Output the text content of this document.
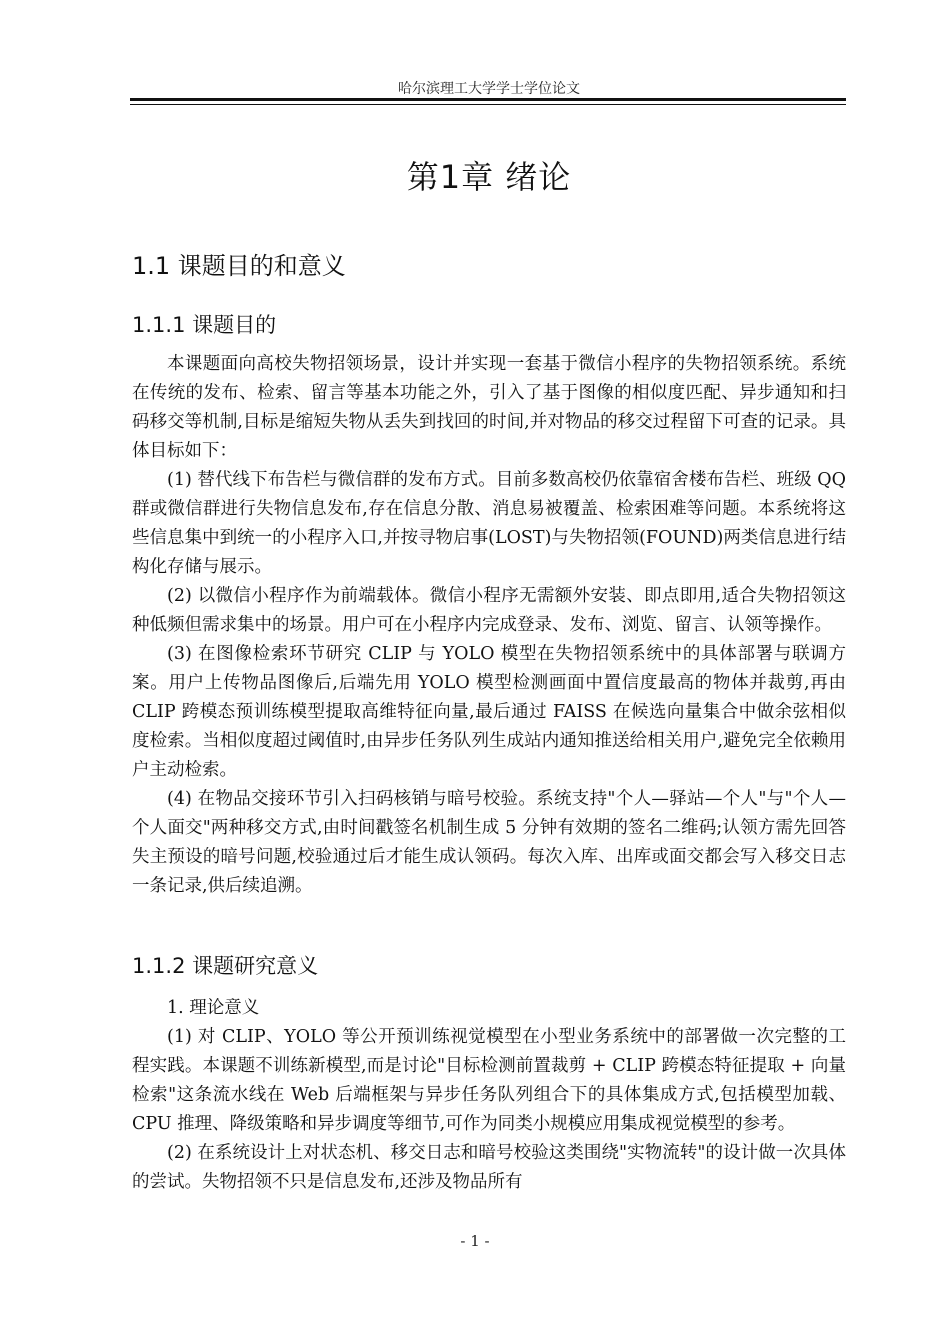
哈尔滨理工大学学士学位论文
第1章 绪论
1.1 课题目的和意义
1.1.1 课题目的

本课题面向高校失物招领场景，设计并实现一套基于微信小程序的失物招领系统。系统在传统的发布、检索、留言等基本功能之外，引入了基于图像的相似度匹配、异步通知和扫码移交等机制,目标是缩短失物从丢失到找回的时间,并对物品的移交过程留下可查的记录。具体目标如下：

(1) 替代线下布告栏与微信群的发布方式。目前多数高校仍依靠宿舍楼布告栏、班级 QQ 群或微信群进行失物信息发布,存在信息分散、消息易被覆盖、检索困难等问题。本系统将这些信息集中到统一的小程序入口,并按寻物启事(LOST)与失物招领(FOUND)两类信息进行结构化存储与展示。

(2) 以微信小程序作为前端载体。微信小程序无需额外安装、即点即用,适合失物招领这种低频但需求集中的场景。用户可在小程序内完成登录、发布、浏览、留言、认领等操作。

(3) 在图像检索环节研究 CLIP 与 YOLO 模型在失物招领系统中的具体部署与联调方案。用户上传物品图像后,后端先用 YOLO 模型检测画面中置信度最高的物体并裁剪,再由 CLIP 跨模态预训练模型提取高维特征向量,最后通过 FAISS 在候选向量集合中做余弦相似度检索。当相似度超过阈值时,由异步任务队列生成站内通知推送给相关用户,避免完全依赖用户主动检索。

(4) 在物品交接环节引入扫码核销与暗号校验。系统支持"个人—驿站—个人"与"个人—个人面交"两种移交方式,由时间戳签名机制生成 5 分钟有效期的签名二维码;认领方需先回答失主预设的暗号问题,校验通过后才能生成认领码。每次入库、出库或面交都会写入移交日志一条记录,供后续追溯。

1.1.2 课题研究意义

1. 理论意义

(1) 对 CLIP、YOLO 等公开预训练视觉模型在小型业务系统中的部署做一次完整的工程实践。本课题不训练新模型,而是讨论"目标检测前置裁剪 + CLIP 跨模态特征提取 + 向量检索"这条流水线在 Web 后端框架与异步任务队列组合下的具体集成方式,包括模型加载、CPU 推理、降级策略和异步调度等细节,可作为同类小规模应用集成视觉模型的参考。

(2) 在系统设计上对状态机、移交日志和暗号校验这类围绕"实物流转"的设计做一次具体的尝试。失物招领不只是信息发布,还涉及物品所有

- 1 -
